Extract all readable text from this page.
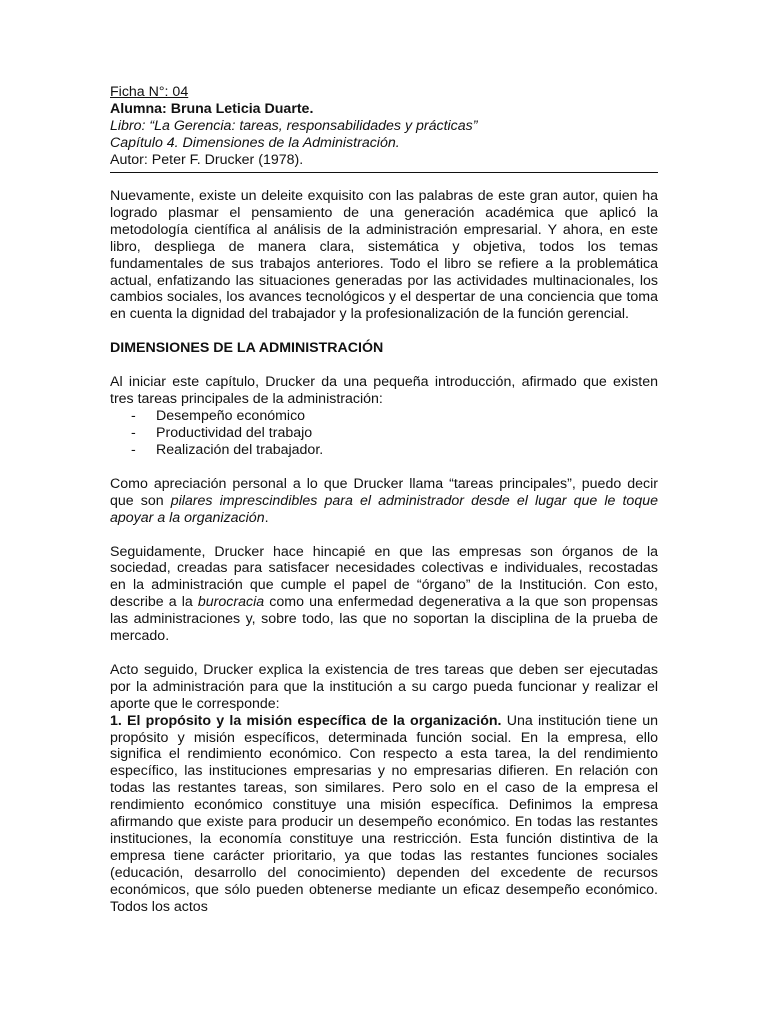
Ficha N°: 04
Alumna: Bruna Leticia Duarte.
Libro: “La Gerencia: tareas, responsabilidades y prácticas”
Capítulo 4. Dimensiones de la Administración.
Autor: Peter F. Drucker (1978).

Nuevamente, existe un deleite exquisito con las palabras de este gran autor, quien ha logrado plasmar el pensamiento de una generación académica que aplicó la metodología científica al análisis de la administración empresarial. Y ahora, en este libro, despliega de manera clara, sistemática y objetiva, todos los temas fundamentales de sus trabajos anteriores. Todo el libro se refiere a la problemática actual, enfatizando las situaciones generadas por las actividades multinacionales, los cambios sociales, los avances tecnológicos y el despertar de una conciencia que toma en cuenta la dignidad del trabajador y la profesionalización de la función gerencial.

DIMENSIONES DE LA ADMINISTRACIÓN

Al iniciar este capítulo, Drucker da una pequeña introducción, afirmado que existen tres tareas principales de la administración:

- Desempeño económico
- Productividad del trabajo
- Realización del trabajador.

Como apreciación personal a lo que Drucker llama “tareas principales”, puedo decir que son pilares imprescindibles para el administrador desde el lugar que le toque apoyar a la organización.

Seguidamente, Drucker hace hincapié en que las empresas son órganos de la sociedad, creadas para satisfacer necesidades colectivas e individuales, recostadas en la administración que cumple el papel de “órgano” de la Institución. Con esto, describe a la burocracia como una enfermedad degenerativa a la que son propensas las administraciones y, sobre todo, las que no soportan la disciplina de la prueba de mercado.

Acto seguido, Drucker explica la existencia de tres tareas que deben ser ejecutadas por la administración para que la institución a su cargo pueda funcionar y realizar el aporte que le corresponde:

1. El propósito y la misión específica de la organización. Una institución tiene un propósito y misión específicos, determinada función social. En la empresa, ello significa el rendimiento económico. Con respecto a esta tarea, la del rendimiento específico, las instituciones empresarias y no empresarias difieren. En relación con todas las restantes tareas, son similares. Pero solo en el caso de la empresa el rendimiento económico constituye una misión específica. Definimos la empresa afirmando que existe para producir un desempeño económico. En todas las restantes instituciones, la economía constituye una restricción. Esta función distintiva de la empresa tiene carácter prioritario, ya que todas las restantes funciones sociales (educación, desarrollo del conocimiento) dependen del excedente de recursos económicos, que sólo pueden obtenerse mediante un eficaz desempeño económico. Todos los actos
